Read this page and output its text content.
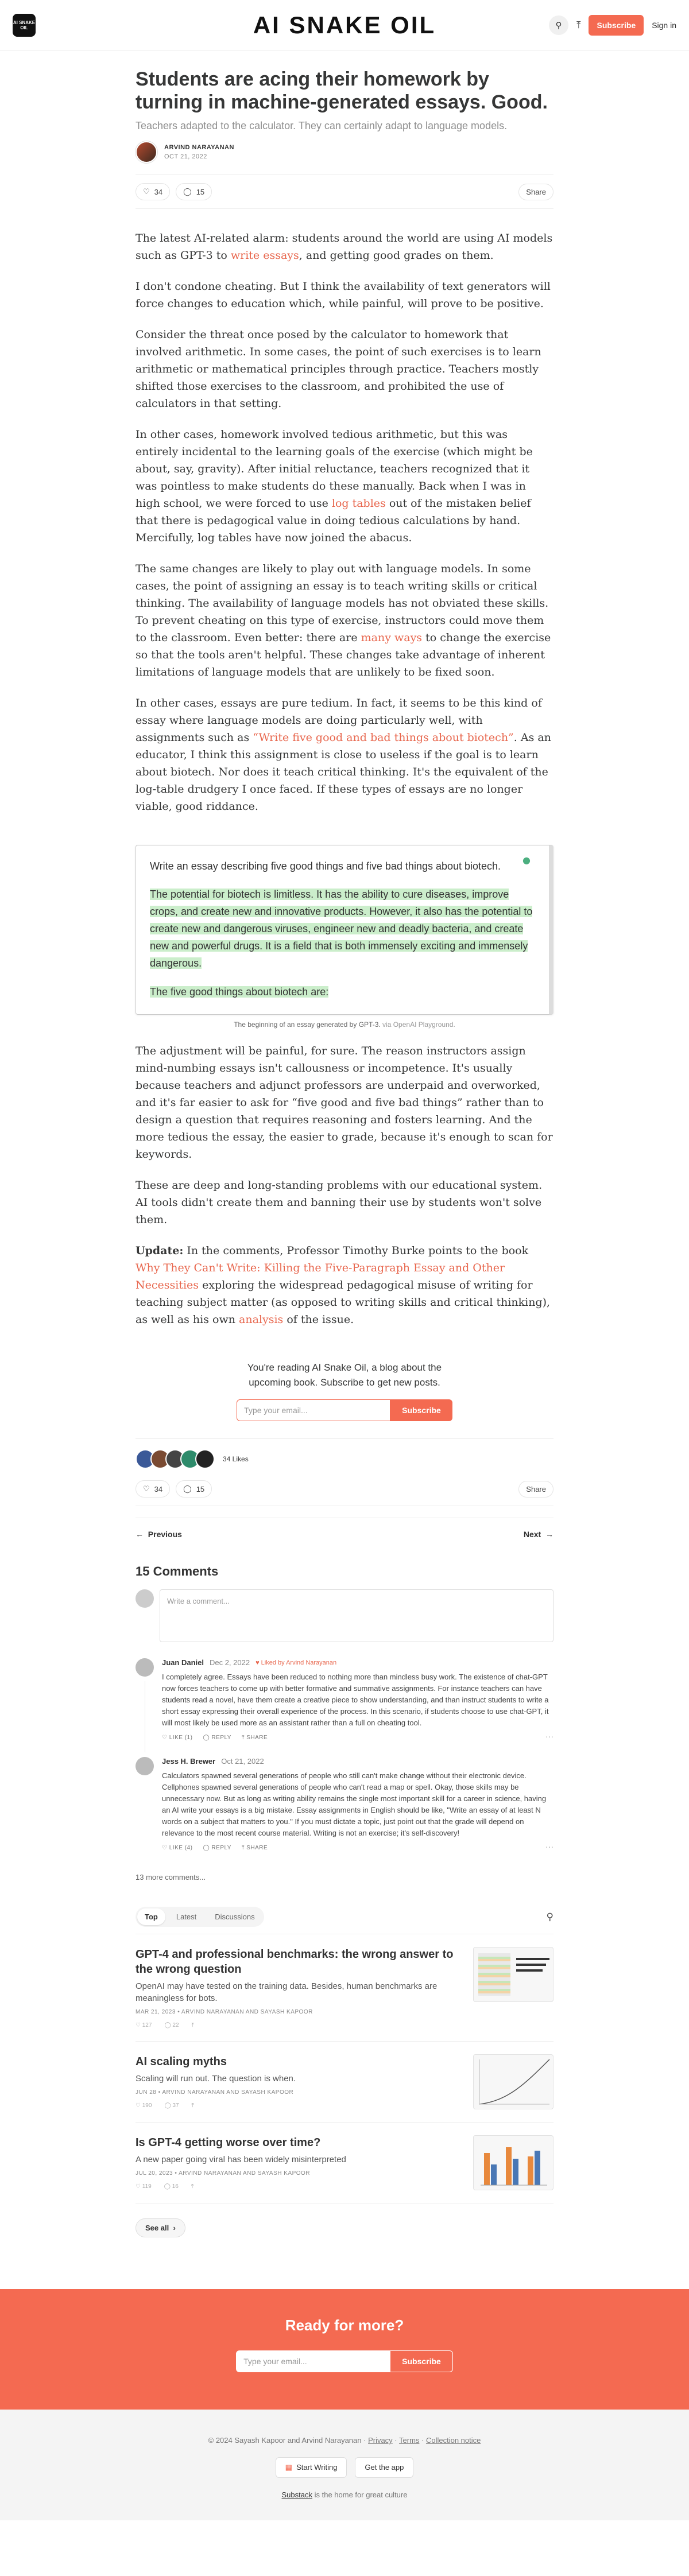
AI SNAKE OIL	AI SNAKE OIL	⚲	⤒	Subscribe	Sign in
Students are acing their homework by turning in machine-generated essays. Good.
Teachers adapted to the calculator. They can certainly adapt to language models.
ARVIND NARAYANAN
OCT 21, 2022
♡ 34	◯ 15	Share

The latest AI-related alarm: students around the world are using AI models such as GPT-3 to write essays, and getting good grades on them.

I don't condone cheating. But I think the availability of text generators will force changes to education which, while painful, will prove to be positive.

Consider the threat once posed by the calculator to homework that involved arithmetic. In some cases, the point of such exercises is to learn arithmetic or mathematical principles through practice. Teachers mostly shifted those exercises to the classroom, and prohibited the use of calculators in that setting.

In other cases, homework involved tedious arithmetic, but this was entirely incidental to the learning goals of the exercise (which might be about, say, gravity). After initial reluctance, teachers recognized that it was pointless to make students do these manually. Back when I was in high school, we were forced to use log tables out of the mistaken belief that there is pedagogical value in doing tedious calculations by hand. Mercifully, log tables have now joined the abacus.

The same changes are likely to play out with language models. In some cases, the point of assigning an essay is to teach writing skills or critical thinking. The availability of language models has not obviated these skills. To prevent cheating on this type of exercise, instructors could move them to the classroom. Even better: there are many ways to change the exercise so that the tools aren't helpful. These changes take advantage of inherent limitations of language models that are unlikely to be fixed soon.

In other cases, essays are pure tedium. In fact, it seems to be this kind of essay where language models are doing particularly well, with assignments such as “Write five good and bad things about biotech”. As an educator, I think this assignment is close to useless if the goal is to learn about biotech. Nor does it teach critical thinking. It's the equivalent of the log-table drudgery I once faced. If these types of essays are no longer viable, good riddance.

●
Write an essay describing five good things and five bad things about biotech.
The potential for biotech is limitless. It has the ability to cure diseases, improve crops, and create new and innovative products. However, it also has the potential to create new and dangerous viruses, engineer new and deadly bacteria, and create new and powerful drugs. It is a field that is both immensely exciting and immensely dangerous.
The five good things about biotech are:
The beginning of an essay generated by GPT-3. via OpenAI Playground.

The adjustment will be painful, for sure. The reason instructors assign mind-numbing essays isn't callousness or incompetence. It's usually because teachers and adjunct professors are underpaid and overworked, and it's far easier to ask for “five good and five bad things” rather than to design a question that requires reasoning and fosters learning. And the more tedious the essay, the easier to grade, because it's enough to scan for keywords.

These are deep and long-standing problems with our educational system. AI tools didn't create them and banning their use by students won't solve them.

Update: In the comments, Professor Timothy Burke points to the book Why They Can't Write: Killing the Five-Paragraph Essay and Other Necessities exploring the widespread pedagogical misuse of writing for teaching subject matter (as opposed to writing skills and critical thinking), as well as his own analysis of the issue.

You're reading AI Snake Oil, a blog about the upcoming book. Subscribe to get new posts.
Type your email...	Subscribe
34 Likes
♡ 34	◯ 15	Share
← Previous	Next →
15 Comments
Write a comment...
Juan Daniel Dec 2, 2022 ♥ Liked by Arvind Narayanan
I completely agree. Essays have been reduced to nothing more than mindless busy work. The existence of chat-GPT now forces teachers to come up with better formative and summative assignments. For instance teachers can have students read a novel, have them create a creative piece to show understanding, and than instruct students to write a short essay expressing their overall experience of the process. In this scenario, if students choose to use chat-GPT, it will most likely be used more as an assistant rather than a full on cheating tool.
♡ LIKE (1) ◯ REPLY ⤒ SHARE	···
Jess H. Brewer Oct 21, 2022
Calculators spawned several generations of people who still can't make change without their electronic device. Cellphones spawned several generations of people who can't read a map or spell. Okay, those skills may be unnecessary now. But as long as writing ability remains the single most important skill for a career in science, having an AI write your essays is a big mistake. Essay assignments in English should be like, "Write an essay of at least N words on a subject that matters to you." If you must dictate a topic, just point out that the grade will depend on relevance to the most recent course material. Writing is not an exercise; it's self-discovery!
♡ LIKE (4) ◯ REPLY ⤒ SHARE	···
13 more comments...
Top	Latest	Discussions	⚲
GPT-4 and professional benchmarks: the wrong answer to the wrong question
OpenAI may have tested on the training data. Besides, human benchmarks are meaningless for bots.
MAR 21, 2023 • ARVIND NARAYANAN AND SAYASH KAPOOR
♡ 127 ◯ 22 ⤒
AI scaling myths
Scaling will run out. The question is when.
JUN 28 • ARVIND NARAYANAN AND SAYASH KAPOOR
♡ 190 ◯ 37 ⤒
Is GPT-4 getting worse over time?
A new paper going viral has been widely misinterpreted
JUL 20, 2023 • ARVIND NARAYANAN AND SAYASH KAPOOR
♡ 119 ◯ 16 ⤒
See all ›
Ready for more?
Type your email...	Subscribe
© 2024 Sayash Kapoor and Arvind Narayanan · Privacy · Terms · Collection notice
▦ Start Writing	Get the app
Substack is the home for great culture
